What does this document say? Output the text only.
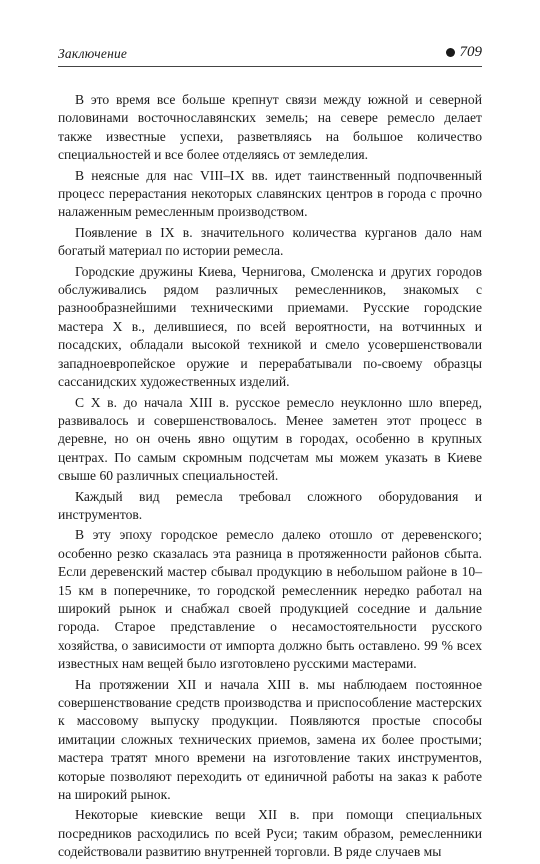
Заключение	709

В это время все больше крепнут связи между южной и северной половинами восточнославянских земель; на севере ремесло делает также известные успехи, разветвляясь на большое количество специальностей и все более отделяясь от земледелия.

В неясные для нас VIII–IX вв. идет таинственный подпочвенный процесс перерастания некоторых славянских центров в города с прочно налаженным ремесленным производством.

Появление в IX в. значительного количества курганов дало нам богатый материал по истории ремесла.

Городские дружины Киева, Чернигова, Смоленска и других городов обслуживались рядом различных ремесленников, знакомых с разнообразнейшими техническими приемами. Русские городские мастера X в., делившиеся, по всей вероятности, на вотчинных и посадских, обладали высокой техникой и смело усовершенствовали западноевропейское оружие и перерабатывали по-своему образцы сассанидских художественных изделий.

С X в. до начала XIII в. русское ремесло неуклонно шло вперед, развивалось и совершенствовалось. Менее заметен этот процесс в деревне, но он очень явно ощутим в городах, особенно в крупных центрах. По самым скромным подсчетам мы можем указать в Киеве свыше 60 различных специальностей.

Каждый вид ремесла требовал сложного оборудования и инструментов.

В эту эпоху городское ремесло далеко отошло от деревенского; особенно резко сказалась эта разница в протяженности районов сбыта. Если деревенский мастер сбывал продукцию в небольшом районе в 10–15 км в поперечнике, то городской ремесленник нередко работал на широкий рынок и снабжал своей продукцией соседние и дальние города. Старое представление о несамостоятельности русского хозяйства, о зависимости от импорта должно быть оставлено. 99 % всех известных нам вещей было изготовлено русскими мастерами.

На протяжении XII и начала XIII в. мы наблюдаем постоянное совершенствование средств производства и приспособление мастерских к массовому выпуску продукции. Появляются простые способы имитации сложных технических приемов, замена их более простыми; мастера тратят много времени на изготовление таких инструментов, которые позволяют переходить от единичной работы на заказ к работе на широкий рынок.

Некоторые киевские вещи XII в. при помощи специальных посредников расходились по всей Руси; таким образом, ремесленники содействовали развитию внутренней торговли. В ряде случаев мы
